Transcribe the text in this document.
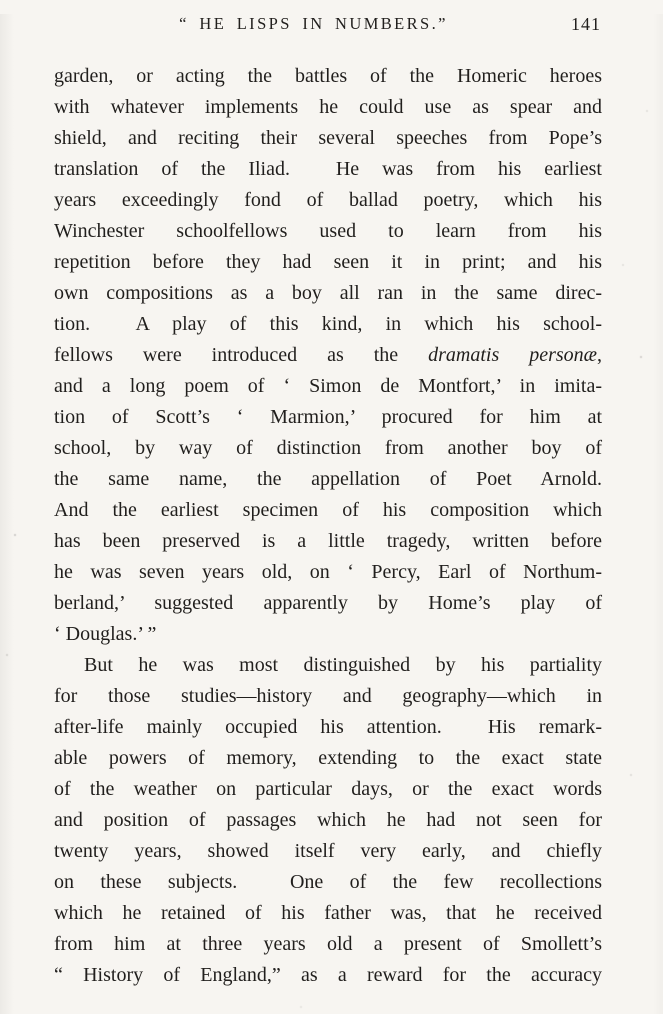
“ HE LISPS IN NUMBERS.”	141
garden, or acting the battles of the Homeric heroes
with whatever implements he could use as spear and
shield, and reciting their several speeches from Pope’s
translation of the Iliad.  He was from his earliest
years exceedingly fond of ballad poetry, which his
Winchester schoolfellows used to learn from his
repetition before they had seen it in print; and his
own compositions as a boy all ran in the same direc-
tion.  A play of this kind, in which his school-
fellows were introduced as the dramatis personæ,
and a long poem of ‘ Simon de Montfort,’ in imita-
tion of Scott’s ‘ Marmion,’ procured for him at
school, by way of distinction from another boy of
the same name, the appellation of Poet Arnold.
And the earliest specimen of his composition which
has been preserved is a little tragedy, written before
he was seven years old, on ‘ Percy, Earl of Northum-
berland,’ suggested apparently by Home’s play of
‘ Douglas.’ ”
But he was most distinguished by his partiality
for those studies—history and geography—which in
after-life mainly occupied his attention.  His remark-
able powers of memory, extending to the exact state
of the weather on particular days, or the exact words
and position of passages which he had not seen for
twenty years, showed itself very early, and chiefly
on these subjects.  One of the few recollections
which he retained of his father was, that he received
from him at three years old a present of Smollett’s
“ History of England,” as a reward for the accuracy
